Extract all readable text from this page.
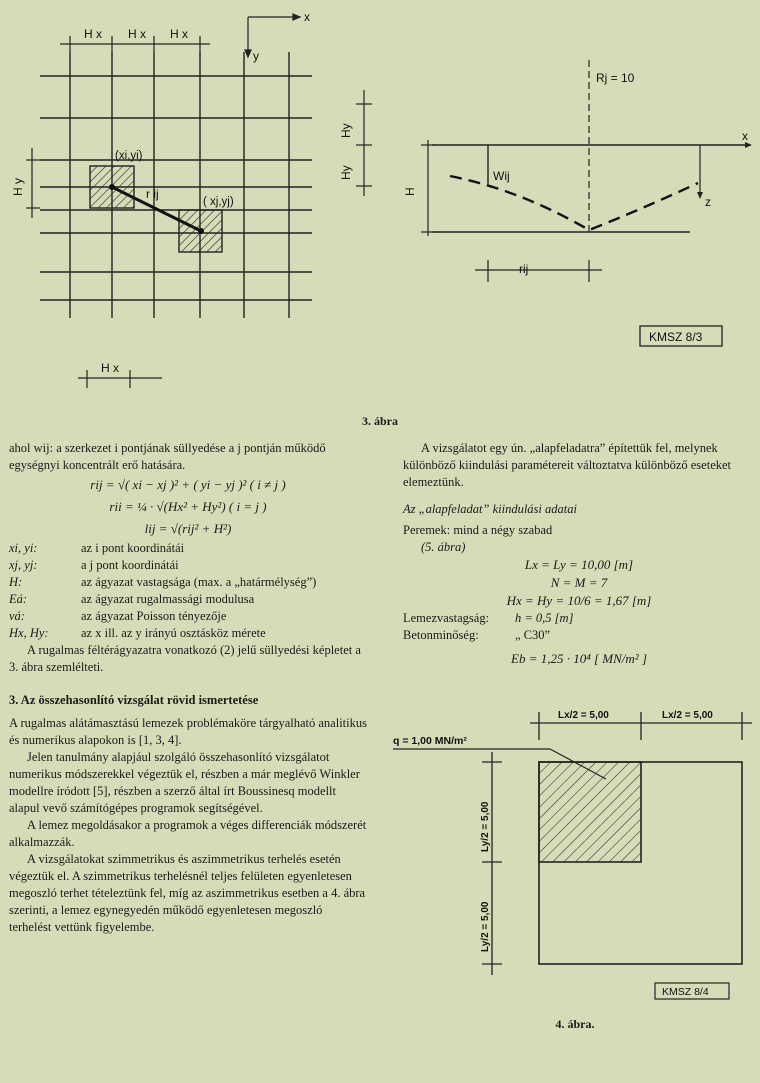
H x H x H x
x
y
H y
(xi,yi)
( xj,yj)
r ij
H x
Rj = 10
Hy
Hy
x
z
H
Wij
rij
KMSZ 8/3
3. ábra

ahol wij: a szerkezet i pontjának süllyedése a j pontján működő egységnyi koncentrált erő hatására.

rij = √( xi − xj )² + ( yi − yj )² ( i ≠ j )
rii = ¼ · √(Hx² + Hy²) ( i = j )
lij = √(rij² + H²)
xi, yi:	az i pont koordinátái
xj, yj:	a j pont koordinátái
H:	az ágyazat vastagsága (max. a „határmélység”)
Eá:	az ágyazat rugalmassági modulusa
vá:	az ágyazat Poisson tényezője
Hx, Hy:	az x ill. az y irányú osztásköz mérete

A rugalmas féltérágyazatra vonatkozó (2) jelű süllyedési képletet a 3. ábra szemlélteti.

3. Az összehasonlító vizsgálat rövid ismertetése

A rugalmas alátámasztású lemezek problémaköre tárgyalható analitikus és numerikus alapokon is [1, 3, 4].

Jelen tanulmány alapjául szolgáló összehasonlító vizsgálatot numerikus módszerekkel végeztük el, részben a már meglévő Winkler modellre íródott [5], részben a szerző által írt Boussinesq modellt alapul vevő számítógépes programok segítségével.

A lemez megoldásakor a programok a véges differenciák módszerét alkalmazzák.

A vizsgálatokat szimmetrikus és aszimmetrikus terhelés esetén végeztük el. A szimmetrikus terhelésnél teljes felületen egyenletesen megoszló terhet tételeztünk fel, míg az aszimmetrikus esetben a 4. ábra szerinti, a lemez egynegyedén működő egyenletesen megoszló terhelést vettünk figyelembe.

A vizsgálatot egy ún. „alapfeladatra” építettük fel, melynek különböző kiindulási paramétereit változtatva különböző eseteket elemeztünk.

Az „alapfeladat” kiindulási adatai

Peremek: mind a négy szabad

(5. ábra)

Lx = Ly = 10,00 [m]
N = M = 7
Hx = Hy = 10/6 = 1,67 [m]
Lemezvastagság:	h = 0,5 [m]
Betonminőség:	„ C30”
Eb = 1,25 · 10⁴ [ MN/m² ]
Lx/2 = 5,00	Lx/2 = 5,00
q = 1,00 MN/m²
Ly/2 = 5,00
Ly/2 = 5,00
KMSZ 8/4
4. ábra.
